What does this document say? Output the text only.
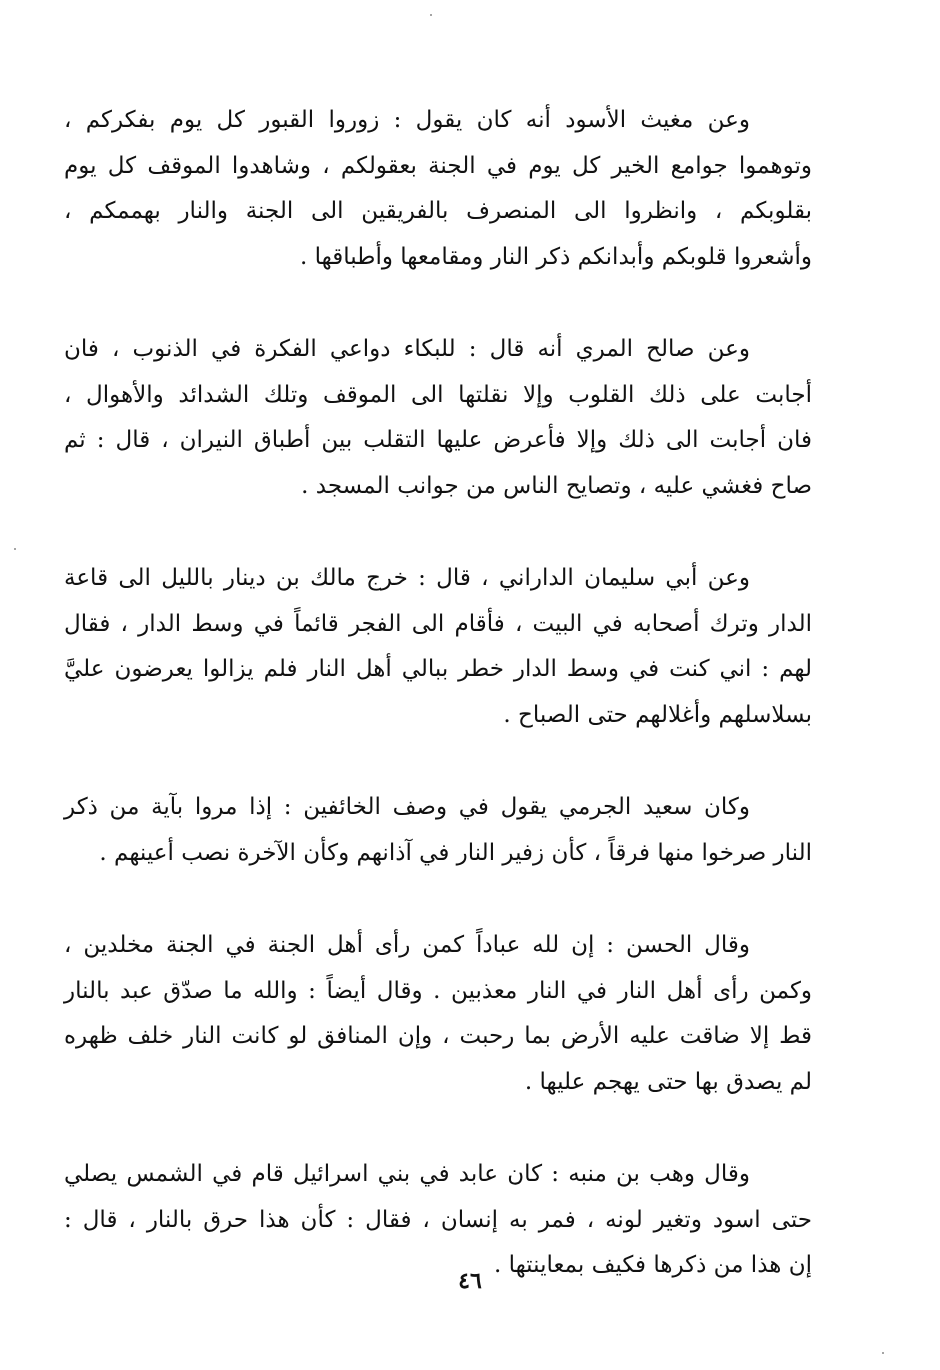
وعن مغيث الأسود أنه كان يقول : زوروا القبور كل يوم بفكركم ،
وتوهموا جوامع الخير كل يوم في الجنة بعقولكم ، وشاهدوا الموقف كل يوم
بقلوبكم ، وانظروا الى المنصرف بالفريقين الى الجنة والنار بهممكم ،
وأشعروا قلوبكم وأبدانكم ذكر النار ومقامعها وأطباقها .

وعن صالح المري أنه قال : للبكاء دواعي الفكرة في الذنوب ، فان
أجابت على ذلك القلوب وإلا نقلتها الى الموقف وتلك الشدائد والأهوال ،
فان أجابت الى ذلك وإلا فأعرض عليها التقلب بين أطباق النيران ، قال : ثم
صاح فغشي عليه ، وتصايح الناس من جوانب المسجد .

وعن أبي سليمان الداراني ، قال : خرج مالك بن دينار بالليل الى قاعة
الدار وترك أصحابه في البيت ، فأقام الى الفجر قائماً في وسط الدار ، فقال
لهم : اني كنت في وسط الدار خطر ببالي أهل النار فلم يزالوا يعرضون عليَّ
بسلاسلهم وأغلالهم حتى الصباح .

وكان سعيد الجرمي يقول في وصف الخائفين : إذا مروا بآية من ذكر
النار صرخوا منها فرقاً ، كأن زفير النار في آذانهم وكأن الآخرة نصب أعينهم .

وقال الحسن : إن لله عباداً كمن رأى أهل الجنة في الجنة مخلدين ،
وكمن رأى أهل النار في النار معذبين . وقال أيضاً : والله ما صدّق عبد بالنار
قط إلا ضاقت عليه الأرض بما رحبت ، وإن المنافق لو كانت النار خلف ظهره
لم يصدق بها حتى يهجم عليها .

وقال وهب بن منبه : كان عابد في بني اسرائيل قام في الشمس يصلي
حتى اسود وتغير لونه ، فمر به إنسان ، فقال : كأن هذا حرق بالنار ، قال :
إن هذا من ذكرها فكيف بمعاينتها .

٤٦
